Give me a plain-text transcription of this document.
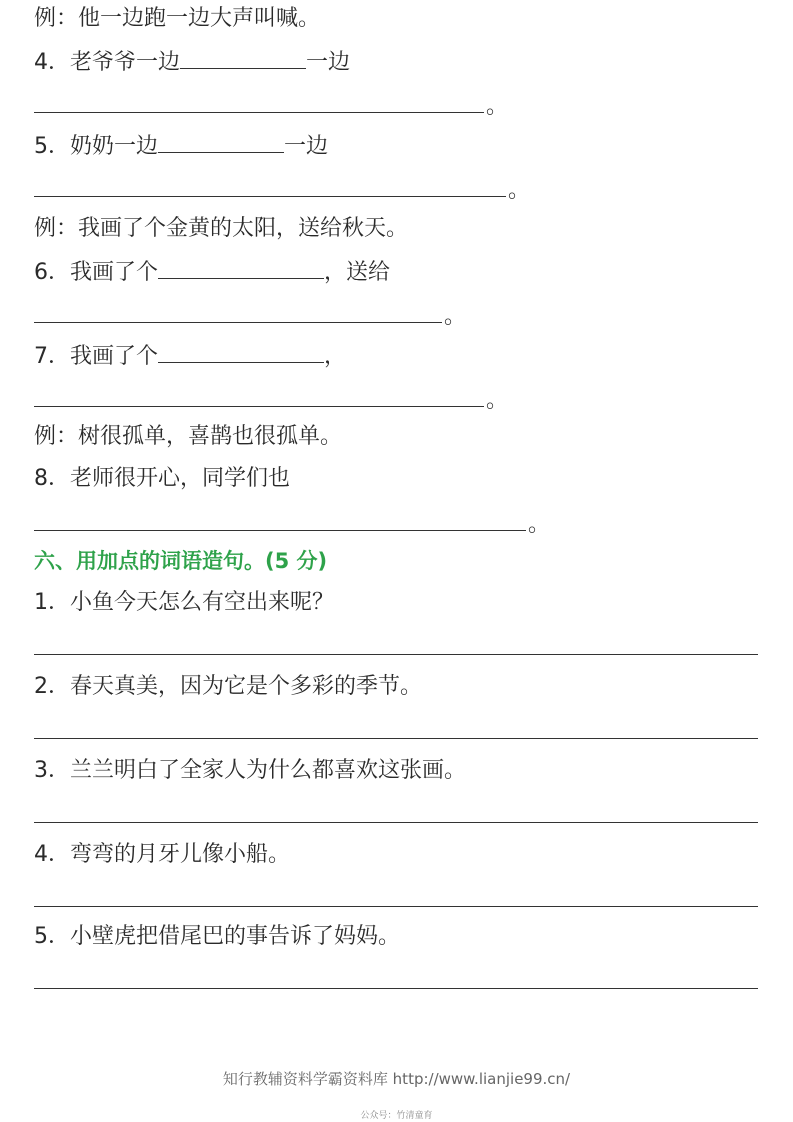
例：他一边跑一边大声叫喊。
4．老爷爷一边	一边
。
5．奶奶一边	一边
。
例：我画了个金黄的太阳，送给秋天。
6．我画了个	，送给
。
7．我画了个	，
。
例：树很孤单，喜鹊也很孤单。
8．老师很开心，同学们也
。
六、用加点的词语造句。(5 分)
1．小鱼今天怎么有空出来呢？
2．春天真美，因为它是个多彩的季节。
3．兰兰明白了全家人为什么都喜欢这张画。
4．弯弯的月牙儿像小船。
5．小壁虎把借尾巴的事告诉了妈妈。
知行教辅资料学霸资料库 http://www.lianjie99.cn/
公众号：竹清童育
